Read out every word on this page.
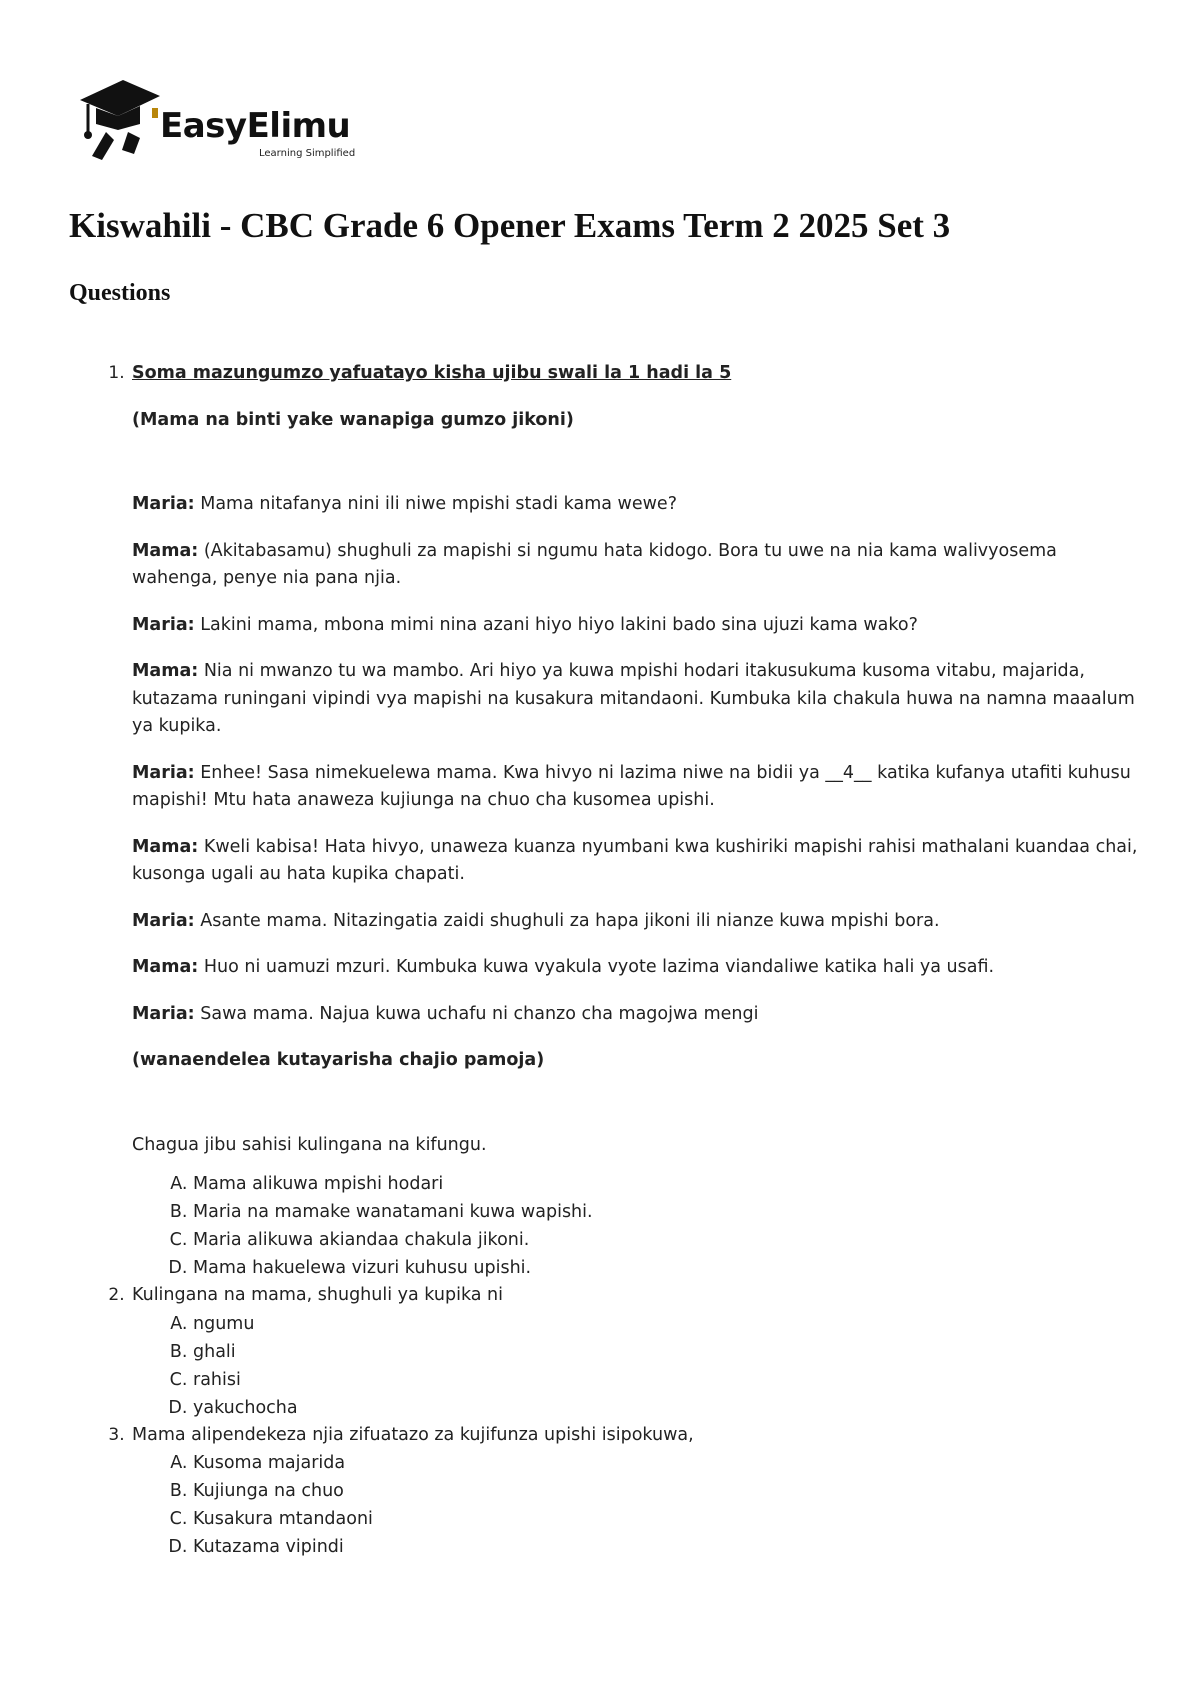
EasyElimu
Learning Simplified
Kiswahili - CBC Grade 6 Opener Exams Term 2 2025 Set 3
Questions

1. Soma mazungumzo yafuatayo kisha ujibu swali la 1 hadi la 5

(Mama na binti yake wanapiga gumzo jikoni)

Maria: Mama nitafanya nini ili niwe mpishi stadi kama wewe?

Mama: (Akitabasamu) shughuli za mapishi si ngumu hata kidogo. Bora tu uwe na nia kama walivyosema wahenga, penye nia pana njia.

Maria: Lakini mama, mbona mimi nina azani hiyo hiyo lakini bado sina ujuzi kama wako?

Mama: Nia ni mwanzo tu wa mambo. Ari hiyo ya kuwa mpishi hodari itakusukuma kusoma vitabu, majarida, kutazama runingani vipindi vya mapishi na kusakura mitandaoni. Kumbuka kila chakula huwa na namna maaalum ya kupika.

Maria: Enhee! Sasa nimekuelewa mama. Kwa hivyo ni lazima niwe na bidii ya __4__ katika kufanya utafiti kuhusu mapishi! Mtu hata anaweza kujiunga na chuo cha kusomea upishi.

Mama: Kweli kabisa! Hata hivyo, unaweza kuanza nyumbani kwa kushiriki mapishi rahisi mathalani kuandaa chai, kusonga ugali au hata kupika chapati.

Maria: Asante mama. Nitazingatia zaidi shughuli za hapa jikoni ili nianze kuwa mpishi bora.

Mama: Huo ni uamuzi mzuri. Kumbuka kuwa vyakula vyote lazima viandaliwe katika hali ya usafi.

Maria: Sawa mama. Najua kuwa uchafu ni chanzo cha magojwa mengi

(wanaendelea kutayarisha chajio pamoja)

Chagua jibu sahisi kulingana na kifungu.

A. Mama alikuwa mpishi hodari
B. Maria na mamake wanatamani kuwa wapishi.
C. Maria alikuwa akiandaa chakula jikoni.
D. Mama hakuelewa vizuri kuhusu upishi.
2. Kulingana na mama, shughuli ya kupika ni
A. ngumu
B. ghali
C. rahisi
D. yakuchocha
3. Mama alipendekeza njia zifuatazo za kujifunza upishi isipokuwa,
A. Kusoma majarida
B. Kujiunga na chuo
C. Kusakura mtandaoni
D. Kutazama vipindi
